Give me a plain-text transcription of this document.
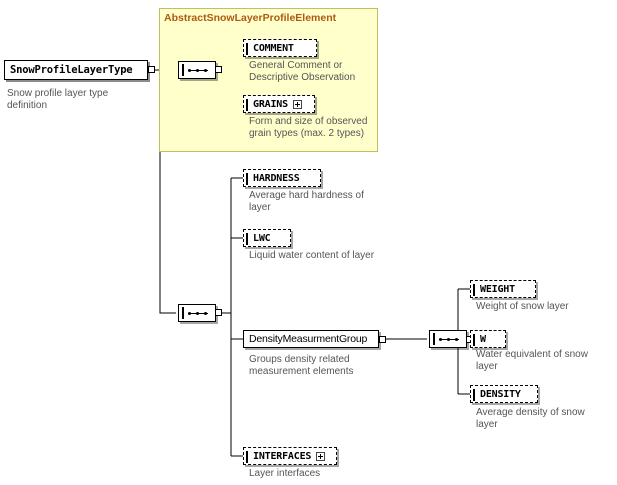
AbstractSnowLayerProfileElement
SnowProfileLayerType
Snow profile layer type definition
COMMENT
General Comment or Descriptive Observation
GRAINS
Form and size of observed grain types (max. 2 types)
HARDNESS
Average hard hardness of layer
LWC
Liquid water content of layer
DensityMeasurmentGroup
Groups density related measurement elements
WEIGHT
Weight of snow layer
W
Water equivalent of snow layer
DENSITY
Average density of snow layer
INTERFACES
Layer interfaces
